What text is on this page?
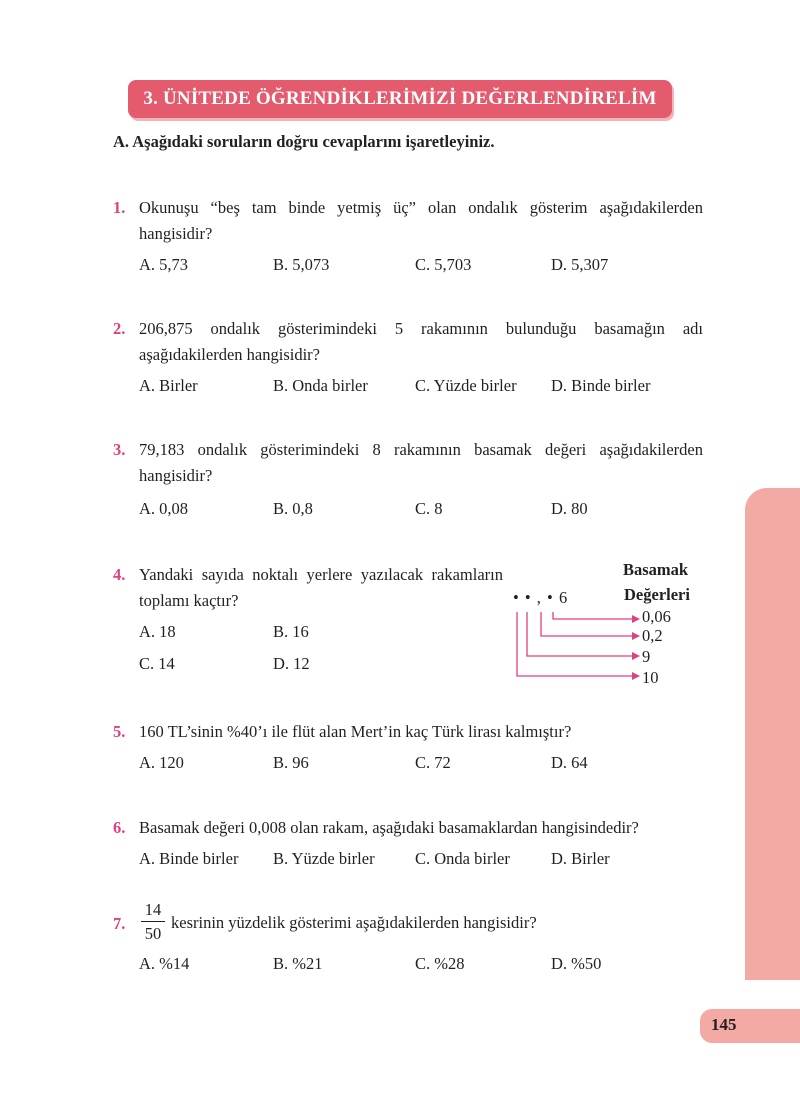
3. ÜNİTEDE ÖĞRENDİKLERİMİZİ DEĞERLENDİRELİM
145
A. Aşağıdaki soruların doğru cevaplarını işaretleyiniz.
1. Okunuşu “beş tam binde yetmiş üç” olan ondalık gösterim aşağıdakilerden hangisidir?
A. 5,73	B. 5,073	C. 5,703	D. 5,307
2. 206,875 ondalık gösterimindeki 5 rakamının bulunduğu basamağın adı aşağıdakilerden hangisidir?
A. Birler	B. Onda birler	C. Yüzde birler D. Binde birler
3. 79,183 ondalık gösterimindeki 8 rakamının basamak değeri aşağıdakilerden hangisidir?
A. 0,08	B. 0,8	C. 8	D. 80
4. Yandaki sayıda noktalı yerlere yazılacak rakamların toplamı kaçtır?
A. 18	B. 16
C. 14	D. 12
Basamak
Değerleri
• • , • 6
0,06
0,2
9
10
5. 160 TL’sinin %40’ı ile flüt alan Mert’in kaç Türk lirası kalmıştır?
A. 120	B. 96	C. 72	D. 64
6. Basamak değeri 0,008 olan rakam, aşağıdaki basamaklardan hangisindedir?
A. Binde birler B. Yüzde birler C. Onda birler D. Birler
7.
14
50
kesrinin yüzdelik gösterimi aşağıdakilerden hangisidir?
A. %14	B. %21	C. %28	D. %50
